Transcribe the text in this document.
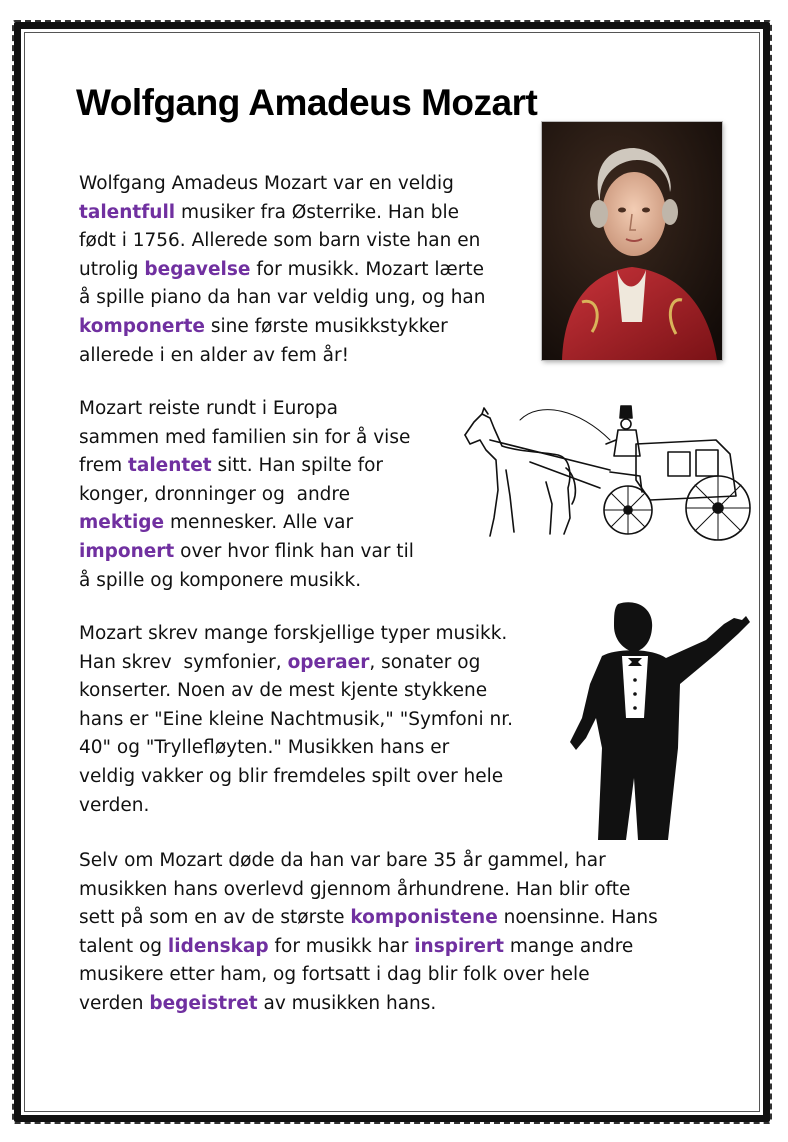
Wolfgang Amadeus Mozart

Wolfgang Amadeus Mozart var en veldig
talentfull musiker fra Østerrike. Han ble
født i 1756. Allerede som barn viste han en
utrolig begavelse for musikk. Mozart lærte
å spille piano da han var veldig ung, og han
komponerte sine første musikkstykker
allerede i en alder av fem år!

Mozart reiste rundt i Europa
sammen med familien sin for å vise
frem talentet sitt. Han spilte for
konger, dronninger og  andre
mektige mennesker. Alle var
imponert over hvor flink han var til
å spille og komponere musikk.

Mozart skrev mange forskjellige typer musikk.
Han skrev  symfonier, operaer, sonater og
konserter. Noen av de mest kjente stykkene
hans er "Eine kleine Nachtmusik," "Symfoni nr.
40" og "Tryllefløyten." Musikken hans er
veldig vakker og blir fremdeles spilt over hele
verden.

Selv om Mozart døde da han var bare 35 år gammel, har
musikken hans overlevd gjennom århundrene. Han blir ofte
sett på som en av de største komponistene noensinne. Hans
talent og lidenskap for musikk har inspirert mange andre
musikere etter ham, og fortsatt i dag blir folk over hele
verden begeistret av musikken hans.
